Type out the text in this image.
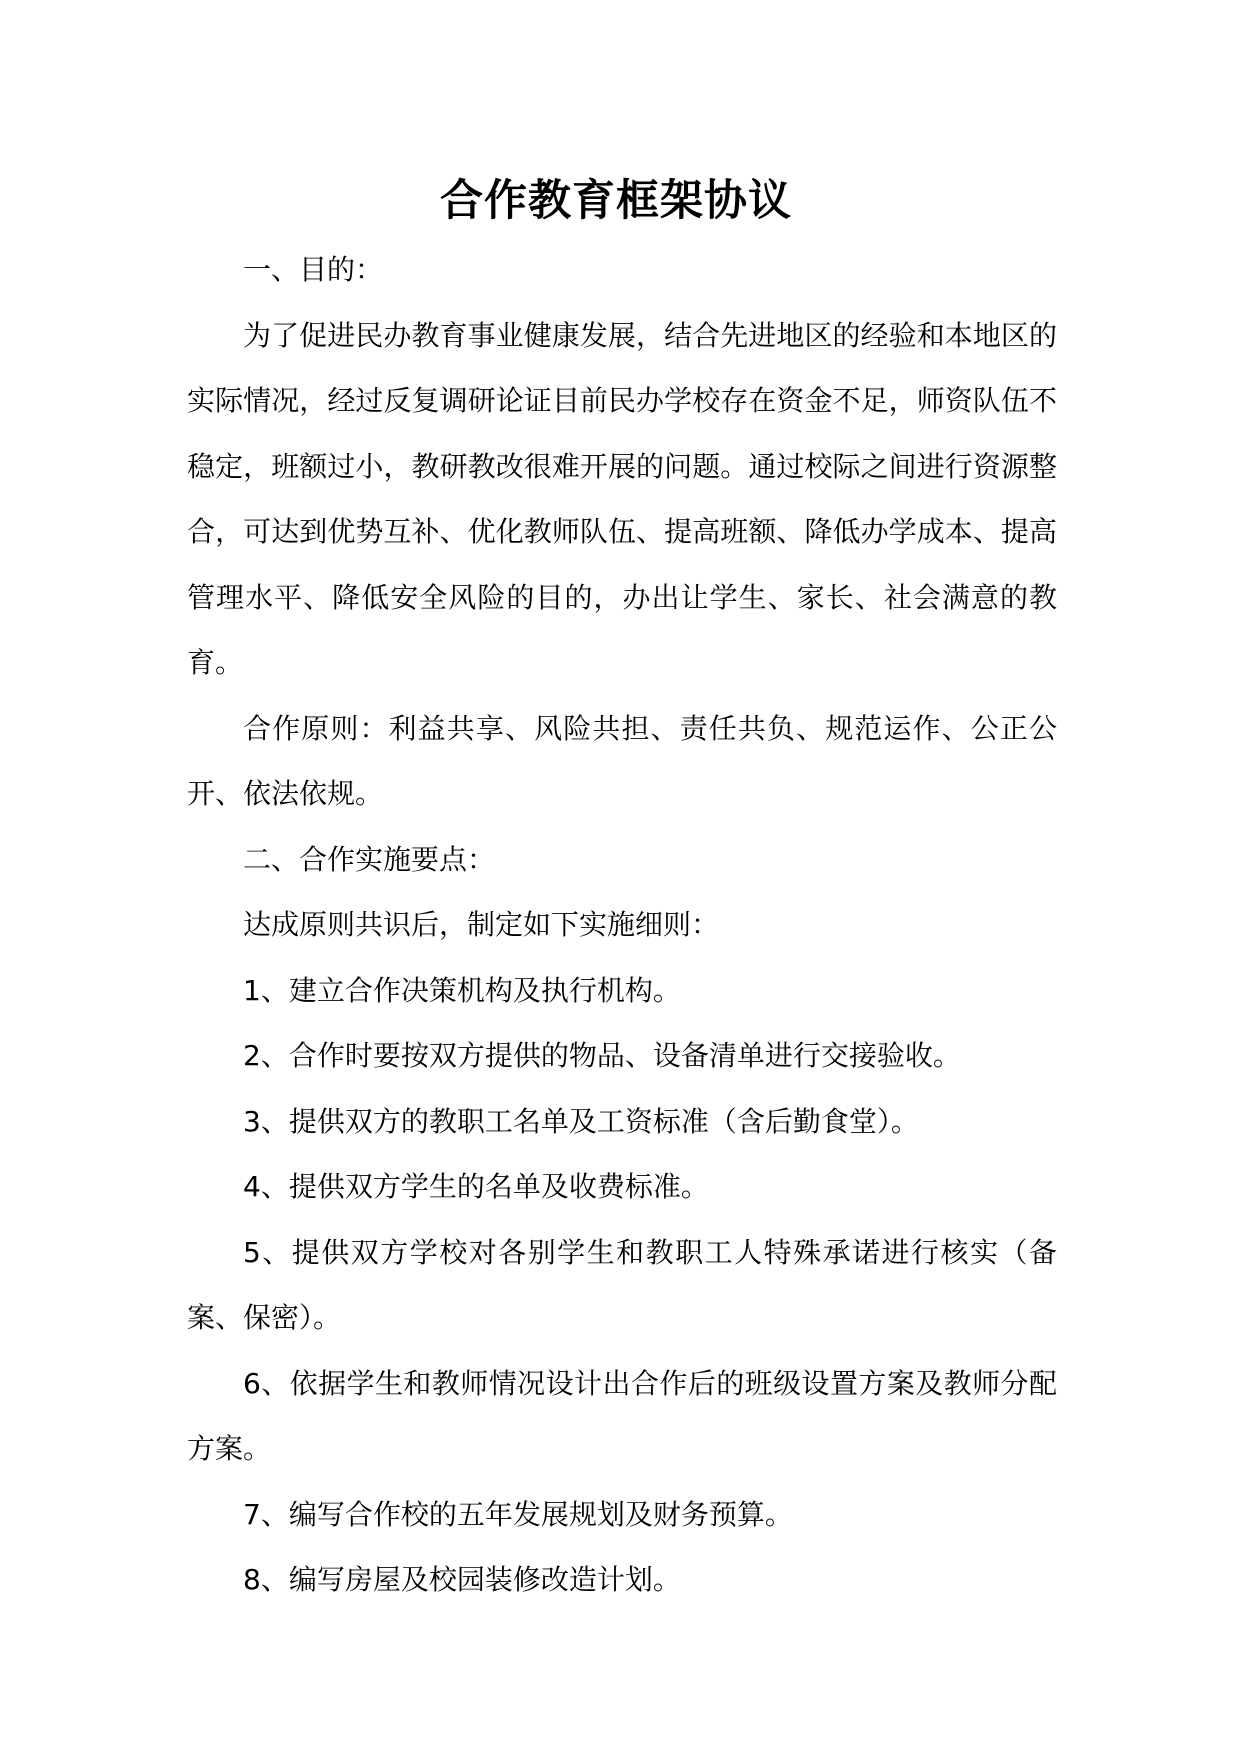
合作教育框架协议

一、目的：

为了促进民办教育事业健康发展，结合先进地区的经验和本地区的实际情况，经过反复调研论证目前民办学校存在资金不足，师资队伍不稳定，班额过小，教研教改很难开展的问题。通过校际之间进行资源整合，可达到优势互补、优化教师队伍、提高班额、降低办学成本、提高管理水平、降低安全风险的目的，办出让学生、家长、社会满意的教育。

合作原则：利益共享、风险共担、责任共负、规范运作、公正公开、依法依规。

二、合作实施要点：

达成原则共识后，制定如下实施细则：

1、建立合作决策机构及执行机构。

2、合作时要按双方提供的物品、设备清单进行交接验收。

3、提供双方的教职工名单及工资标准（含后勤食堂）。

4、提供双方学生的名单及收费标准。

5、提供双方学校对各别学生和教职工人特殊承诺进行核实（备案、保密）。

6、依据学生和教师情况设计出合作后的班级设置方案及教师分配方案。

7、编写合作校的五年发展规划及财务预算。

8、编写房屋及校园装修改造计划。
